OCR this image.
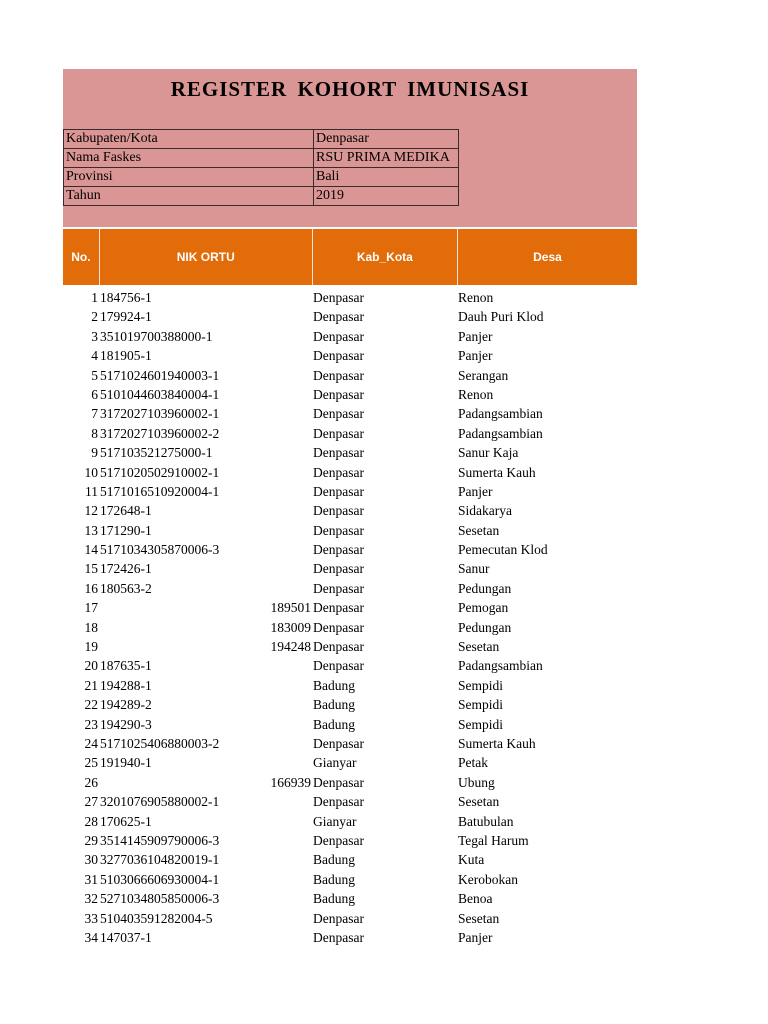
REGISTER KOHORT IMUNISASI
Kabupaten/Kota	Denpasar
Nama Faskes	RSU PRIMA MEDIKA
Provinsi	Bali
Tahun	2019
No.	NIK ORTU	Kab_Kota	Desa
1 184756-1	Denpasar	Renon
2 179924-1	Denpasar	Dauh Puri Klod
3 351019700388000-1	Denpasar	Panjer
4 181905-1	Denpasar	Panjer
5 5171024601940003-1	Denpasar	Serangan
6 5101044603840004-1	Denpasar	Renon
7 3172027103960002-1	Denpasar	Padangsambian
8 3172027103960002-2	Denpasar	Padangsambian
9 517103521275000-1	Denpasar	Sanur Kaja
10 5171020502910002-1	Denpasar	Sumerta Kauh
11 5171016510920004-1	Denpasar	Panjer
12 172648-1	Denpasar	Sidakarya
13 171290-1	Denpasar	Sesetan
14 5171034305870006-3	Denpasar	Pemecutan Klod
15 172426-1	Denpasar	Sanur
16 180563-2	Denpasar	Pedungan
17	189501 Denpasar	Pemogan
18	183009 Denpasar	Pedungan
19	194248 Denpasar	Sesetan
20 187635-1	Denpasar	Padangsambian
21 194288-1	Badung	Sempidi
22 194289-2	Badung	Sempidi
23 194290-3	Badung	Sempidi
24 5171025406880003-2	Denpasar	Sumerta Kauh
25 191940-1	Gianyar	Petak
26	166939 Denpasar	Ubung
27 3201076905880002-1	Denpasar	Sesetan
28 170625-1	Gianyar	Batubulan
29 3514145909790006-3	Denpasar	Tegal Harum
30 3277036104820019-1	Badung	Kuta
31 5103066606930004-1	Badung	Kerobokan
32 5271034805850006-3	Badung	Benoa
33 510403591282004-5	Denpasar	Sesetan
34 147037-1	Denpasar	Panjer
